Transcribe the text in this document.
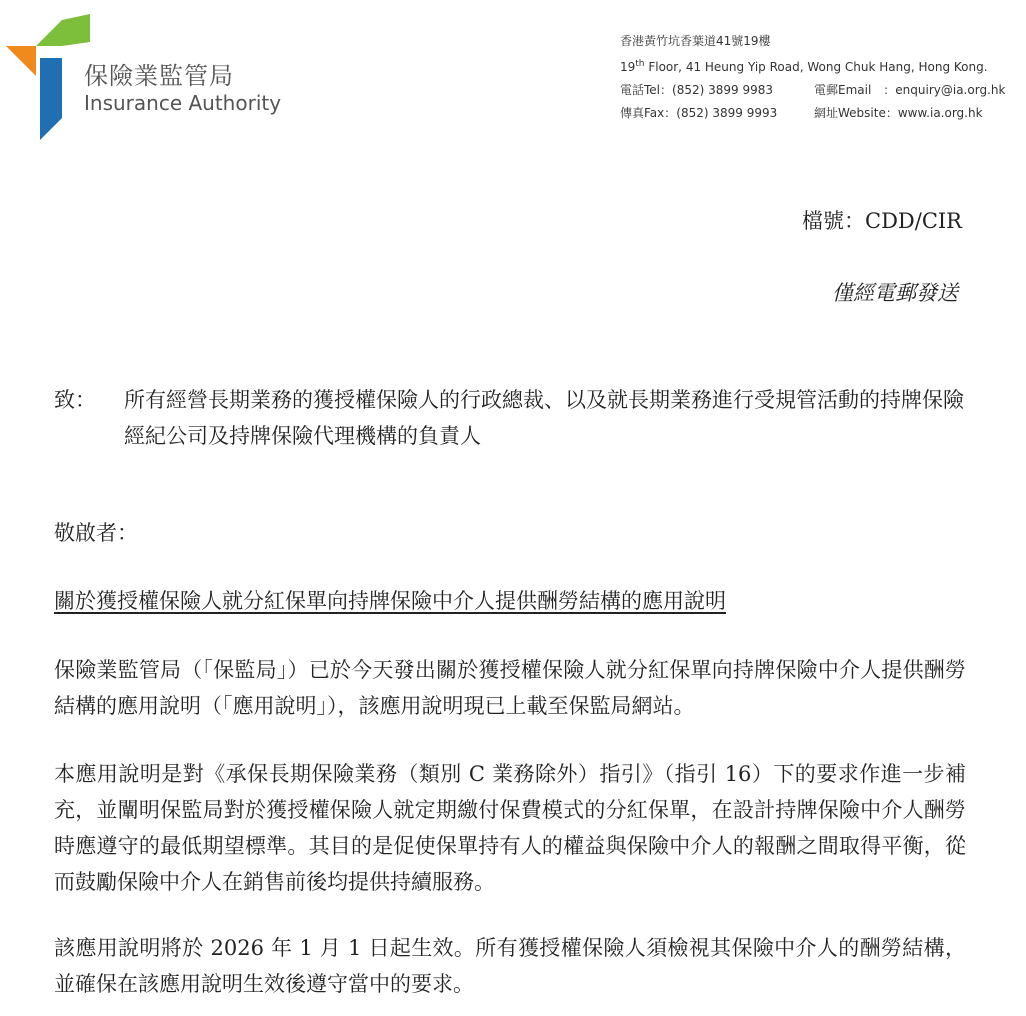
保險業監管局
Insurance Authority
香港黃竹坑香葉道41號19樓
19th Floor, 41 Heung Yip Road, Wong Chuk Hang, Hong Kong.
電話Tel：(852) 3899 9983	電郵Email　：enquiry@ia.org.hk
傳真Fax：(852) 3899 9993	網址Website：www.ia.org.hk
檔號：CDD/CIR
僅經電郵發送
致： 所有經營長期業務的獲授權保險人的行政總裁、以及就長期業務進行受規管活動的持牌保險經紀公司及持牌保險代理機構的負責人
敬啟者：
關於獲授權保險人就分紅保單向持牌保險中介人提供酬勞結構的應用說明
保險業監管局（「保監局」）已於今天發出關於獲授權保險人就分紅保單向持牌保險中介人提供酬勞結構的應用說明（「應用說明」），該應用說明現已上載至保監局網站。
本應用說明是對《承保長期保險業務（類別 C 業務除外）指引》（指引 16）下的要求作進一步補充，並闡明保監局對於獲授權保險人就定期繳付保費模式的分紅保單，在設計持牌保險中介人酬勞時應遵守的最低期望標準。其目的是促使保單持有人的權益與保險中介人的報酬之間取得平衡，從而鼓勵保險中介人在銷售前後均提供持續服務。
該應用說明將於 2026 年 1 月 1 日起生效。所有獲授權保險人須檢視其保險中介人的酬勞結構，並確保在該應用說明生效後遵守當中的要求。
